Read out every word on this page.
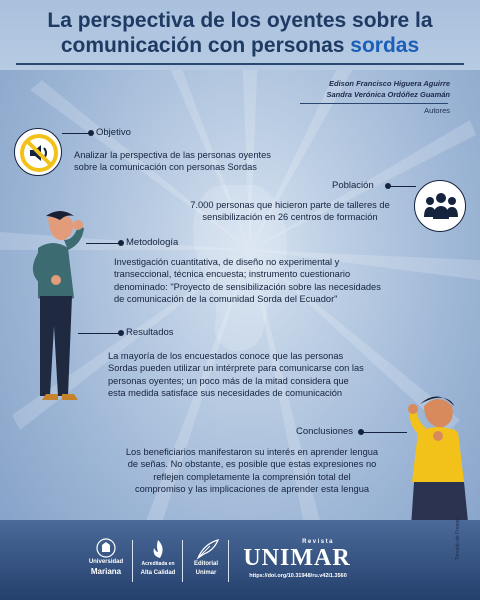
La perspectiva de los oyentes sobre la
comunicación con personas sordas
Edison Francisco Higuera Aguirre
Sandra Verónica Ordóñez Guamán
Autores
Objetivo
Analizar la perspectiva de las personas oyentes
sobre la comunicación con personas Sordas
Población
7.000 personas que hicieron parte de talleres de
sensibilización en 26 centros de formación
Metodología
Investigación cuantitativa, de diseño no experimental y
transeccional, técnica encuesta; instrumento cuestionario
denominado: "Proyecto de sensibilización sobre las necesidades
de comunicación de la comunidad Sorda del Ecuador"
Resultados
La mayoría de los encuestados conoce que las personas
Sordas pueden utilizar un intérprete para comunicarse con las
personas oyentes; un poco más de la mitad considera que
esta medida satisface sus necesidades de comunicación
Conclusiones
Los beneficiarios manifestaron su interés en aprender lengua
de señas. No obstante, es posible que estas expresiones no
reflejen completamente la comprensión total del
compromiso y las implicaciones de aprender esta lengua
Universidad
Mariana
Acreditada en
Alta Calidad
Editorial
Unimar
Revista
UNIMAR
https://doi.org/10.31948/ru.v42i1.3560
Tomado de Freepik
